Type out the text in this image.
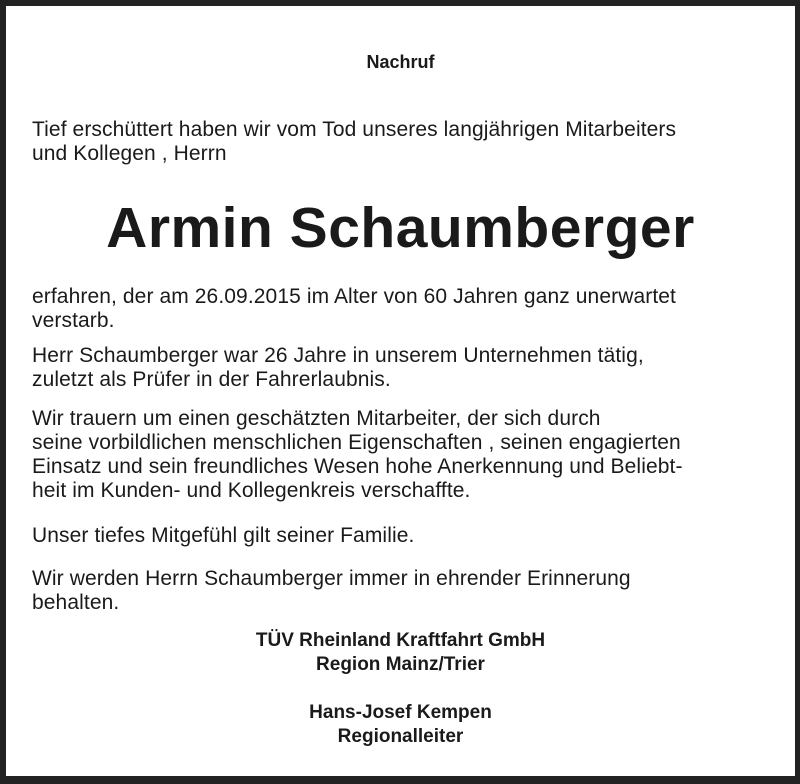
Nachruf
Tief erschüttert haben wir vom Tod unseres langjährigen Mitarbeiters
und Kollegen , Herrn
Armin Schaumberger
erfahren, der am 26.09.2015 im Alter von 60 Jahren ganz unerwartet
verstarb.
Herr Schaumberger war 26 Jahre in unserem Unternehmen tätig,
zuletzt als Prüfer in der Fahrerlaubnis.
Wir trauern um einen geschätzten Mitarbeiter, der sich durch
seine vorbildlichen menschlichen Eigenschaften , seinen engagierten
Einsatz und sein freundliches Wesen hohe Anerkennung und Beliebt-
heit im Kunden- und Kollegenkreis verschaffte.
Unser tiefes Mitgefühl gilt seiner Familie.
Wir werden Herrn Schaumberger immer in ehrender Erinnerung
behalten.
TÜV Rheinland Kraftfahrt GmbH
Region Mainz/Trier
Hans-Josef Kempen
Regionalleiter
